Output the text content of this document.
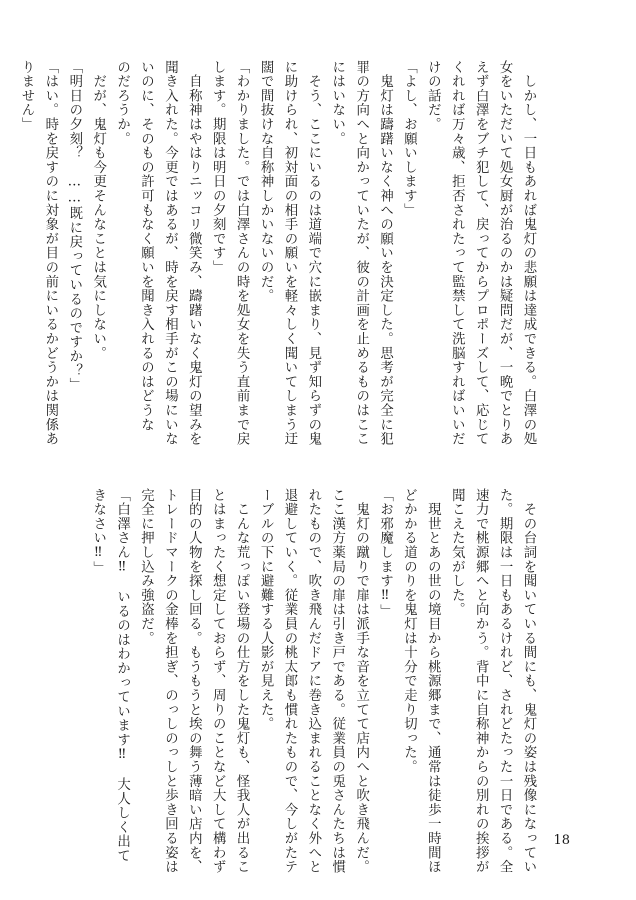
　しかし、一日もあれば鬼灯の悲願は達成できる。白澤の処
女をいただいて処女厨が治るのかは疑問だが、一晩でとりあ
えず白澤をブチ犯して、戻ってからプロポーズして、応じて
くれれば万々歳、拒否されたって監禁して洗脳すればいいだ
けの話だ。
「よし、お願いします」
　鬼灯は躊躇いなく神への願いを決定した。思考が完全に犯
罪の方向へと向かっていたが、彼の計画を止めるものはここ
にはいない。
　そう、ここにいるのは道端で穴に嵌まり、見ず知らずの鬼
に助けられ、初対面の相手の願いを軽々しく聞いてしまう迂
闊で間抜けな自称神しかいないのだ。
「わかりました。では白澤さんの時を処女を失う直前まで戻
します。期限は明日の夕刻です」
　自称神はやはりニッコリ微笑み、躊躇いなく鬼灯の望みを
聞き入れた。今更ではあるが、時を戻す相手がこの場にいな
いのに、そのもの許可もなく願いを聞き入れるのはどうな
のだろうか。
　だが、鬼灯も今更そんなことは気にしない。
「明日の夕刻？　……既に戻っているのですか？」
「はい。時を戻すのに対象が目の前にいるかどうかは関係あ
りません」
　その台詞を聞いている間にも、鬼灯の姿は残像になってい
た。期限は一日もあるけれど、されどたった一日である。全
速力で桃源郷へと向かう。背中に自称神からの別れの挨拶が
聞こえた気がした。
　現世とあの世の境目から桃源郷まで、通常は徒歩一時間ほ
どかかる道のりを鬼灯は十分で走り切った。
「お邪魔します‼」
　鬼灯の蹴りで扉は派手な音を立てて店内へと吹き飛んだ。
ここ漢方薬局の扉は引き戸である。従業員の兎さんたちは慣
れたもので、吹き飛んだドアに巻き込まれることなく外へと
退避していく。従業員の桃太郎も慣れたもので、今しがたテ
ーブルの下に避難する人影が見えた。
　こんな荒っぽい登場の仕方をした鬼灯も、怪我人が出るこ
とはまったく想定しておらず、周りのことなど大して構わず
目的の人物を探し回る。もうもうと埃の舞う薄暗い店内を、
トレードマークの金棒を担ぎ、のっしのっしと歩き回る姿は
完全に押し込み強盗だ。
「白澤さん‼　いるのはわかっています‼　大人しく出て
きなさい‼」
18
